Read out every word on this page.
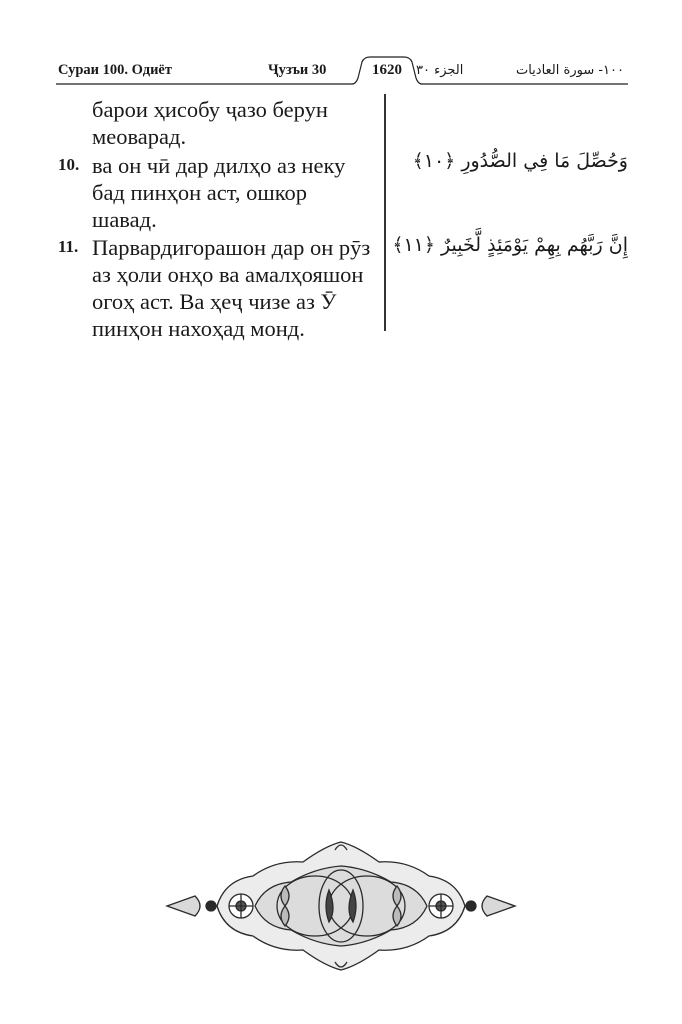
Сураи 100. Одиёт	Ҷузъи 30	1620	الجزء ٣٠	١٠٠- سورة العاديات
барои ҳисобу ҷазо берун
меоварад.
10. ва он чӣ дар дилҳо аз неку
бад пинҳон аст, ошкор
шавад.
وَحُصِّلَ مَا فِي الصُّدُورِ ﴿١٠﴾
11. Парвардигорашон дар он рӯз
аз ҳоли онҳо ва амалҳояшон
огоҳ аст. Ва ҳеҷ чизе аз Ӯ
пинҳон нахоҳад монд.
إِنَّ رَبَّهُم بِهِمْ يَوْمَئِذٍ لَّخَبِيرٌ ﴿١١﴾
